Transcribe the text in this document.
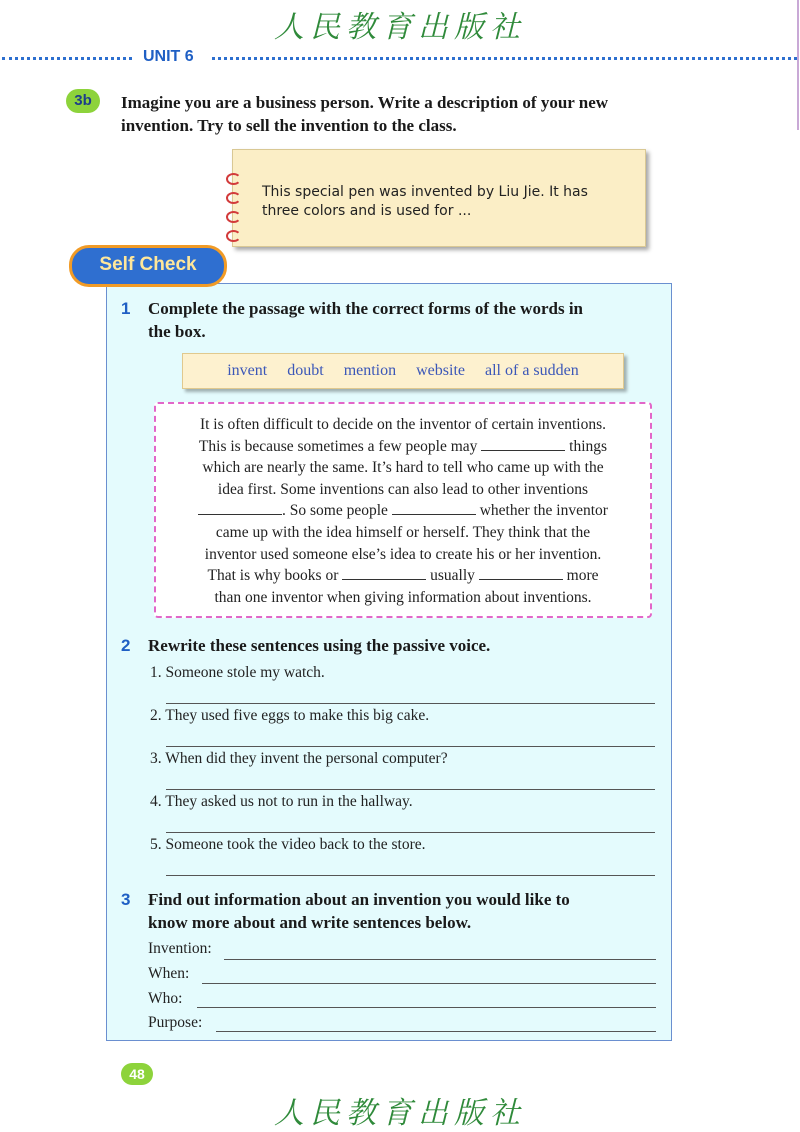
人民教育出版社
UNIT 6
3b	Imagine you are a business person. Write a description of your new invention. Try to sell the invention to the class.
This special pen was invented by Liu Jie. It has
three colors and is used for ...
Self Check
1 Complete the passage with the correct forms of the words in
the box.
invent doubt mention website all of a sudden

It is often difficult to decide on the inventor of certain inventions.

This is because sometimes a few people may	things

which are nearly the same. It’s hard to tell who came up with the

idea first. Some inventions can also lead to other inventions

. So some people	whether the inventor

came up with the idea himself or herself. They think that the

inventor used someone else’s idea to create his or her invention.

That is why books or	usually	more

than one inventor when giving information about inventions.

2 Rewrite these sentences using the passive voice.
1. Someone stole my watch.
2. They used five eggs to make this big cake.
3. When did they invent the personal computer?
4. They asked us not to run in the hallway.
5. Someone took the video back to the store.
3 Find out information about an invention you would like to
know more about and write sentences below.
Invention:
When:
Who:
Purpose:
48
人民教育出版社
